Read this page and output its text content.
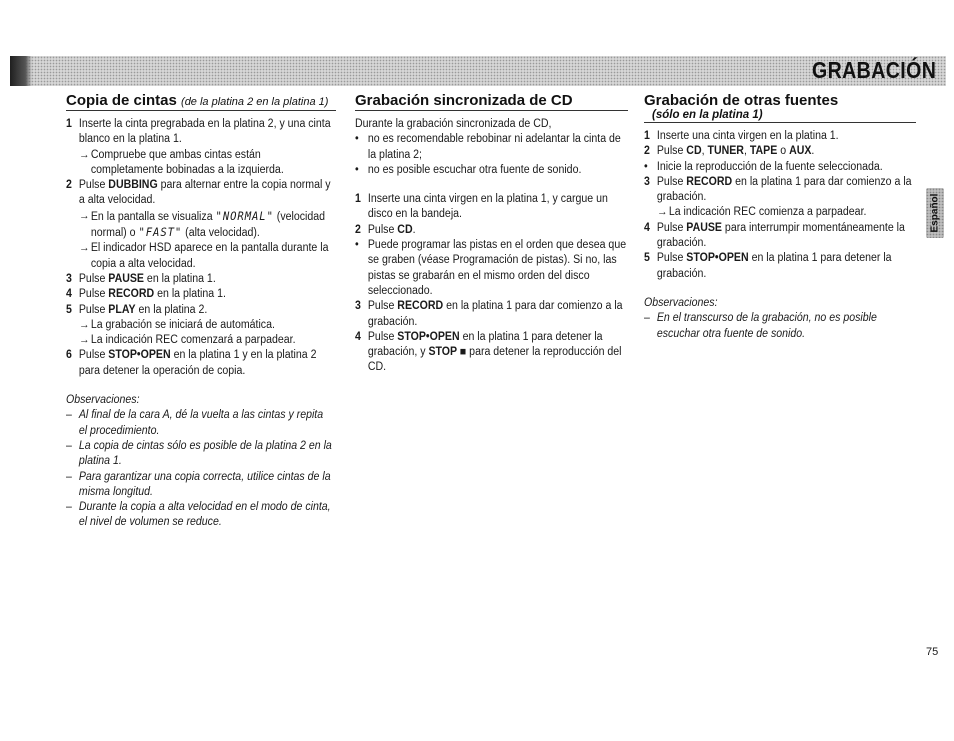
GRABACIÓN
Copia de cintas (de la platina 2 en la platina 1)
1 Inserte la cinta pregrabada en la platina 2, y una cinta blanco en la platina 1.
→ Compruebe que ambas cintas están completamente bobinadas a la izquierda.
2 Pulse DUBBING para alternar entre la copia normal y a alta velocidad.
→ En la pantalla se visualiza "NORMAL" (velocidad normal) o "FAST" (alta velocidad).
→ El indicador HSD aparece en la pantalla durante la copia a alta velocidad.
3 Pulse PAUSE en la platina 1.
4 Pulse RECORD en la platina 1.
5 Pulse PLAY en la platina 2.
→ La grabación se iniciará de automática.
→ La indicación REC comenzará a parpadear.
6 Pulse STOP•OPEN en la platina 1 y en la platina 2 para detener la operación de copia.
Observaciones:
– Al final de la cara A, dé la vuelta a las cintas y repita el procedimiento.
– La copia de cintas sólo es posible de la platina 2 en la platina 1.
– Para garantizar una copia correcta, utilice cintas de la misma longitud.
– Durante la copia a alta velocidad en el modo de cinta, el nivel de volumen se reduce.
Grabación sincronizada de CD
Durante la grabación sincronizada de CD,
• no es recomendable rebobinar ni adelantar la cinta de la platina 2;
• no es posible escuchar otra fuente de sonido.
1 Inserte una cinta virgen en la platina 1, y cargue un disco en la bandeja.
2 Pulse CD.
• Puede programar las pistas en el orden que desea que se graben (véase Programación de pistas). Si no, las pistas se grabarán en el mismo orden del disco seleccionado.
3 Pulse RECORD en la platina 1 para dar comienzo a la grabación.
4 Pulse STOP•OPEN en la platina 1 para detener la grabación, y STOP ■ para detener la reproducción del CD.
Grabación de otras fuentes
(sólo en la platina 1)
1 Inserte una cinta virgen en la platina 1.
2 Pulse CD, TUNER, TAPE o AUX.
• Inicie la reproducción de la fuente seleccionada.
3 Pulse RECORD en la platina 1 para dar comienzo a la grabación.
→ La indicación REC comienza a parpadear.
4 Pulse PAUSE para interrumpir momentáneamente la grabación.
5 Pulse STOP•OPEN en la platina 1 para detener la grabación.
Observaciones:
– En el transcurso de la grabación, no es posible escuchar otra fuente de sonido.
Español
75
